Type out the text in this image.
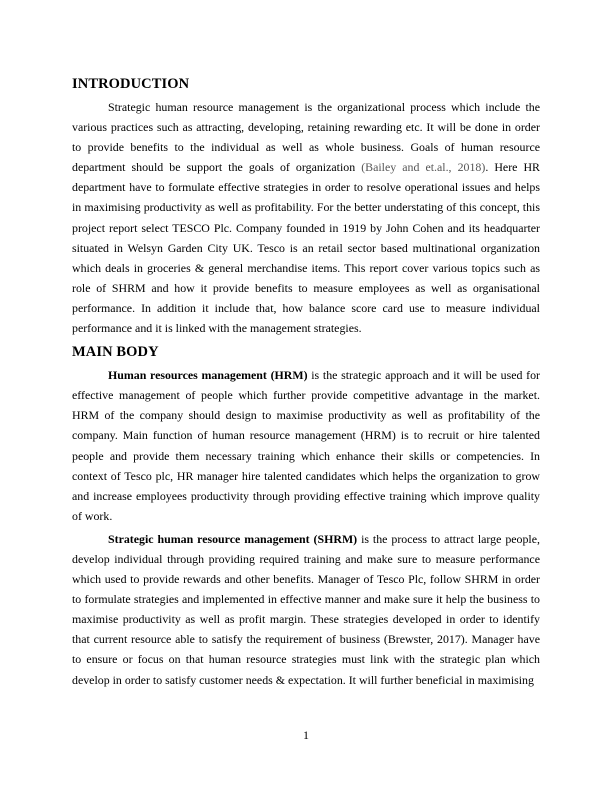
INTRODUCTION

Strategic human resource management is the organizational process which include the various practices such as attracting, developing, retaining rewarding etc. It will be done in order to provide benefits to the individual as well as whole business. Goals of human resource department should be support the goals of organization (Bailey and et.al., 2018). Here HR department have to formulate effective strategies in order to resolve operational issues and helps in maximising productivity as well as profitability. For the better understating of this concept, this project report select TESCO Plc. Company founded in 1919 by John Cohen and its headquarter situated in Welsyn Garden City UK. Tesco is an retail sector based multinational organization which deals in groceries & general merchandise items. This report cover various topics such as role of SHRM and how it provide benefits to measure employees as well as organisational performance. In addition it include that, how balance score card use to measure individual performance and it is linked with the management strategies.

MAIN BODY

Human resources management (HRM) is the strategic approach and it will be used for effective management of people which further provide competitive advantage in the market. HRM of the company should design to maximise productivity as well as profitability of the company. Main function of human resource management (HRM) is to recruit or hire talented people and provide them necessary training which enhance their skills or competencies. In context of Tesco plc, HR manager hire talented candidates which helps the organization to grow and increase employees productivity through providing effective training which improve quality of work.

Strategic human resource management (SHRM) is the process to attract large people, develop individual through providing required training and make sure to measure performance which used to provide rewards and other benefits. Manager of Tesco Plc, follow SHRM in order to formulate strategies and implemented in effective manner and make sure it help the business to maximise productivity as well as profit margin. These strategies developed in order to identify that current resource able to satisfy the requirement of business (Brewster, 2017). Manager have to ensure or focus on that human resource strategies must link with the strategic plan which develop in order to satisfy customer needs & expectation. It will further beneficial in maximising

1
